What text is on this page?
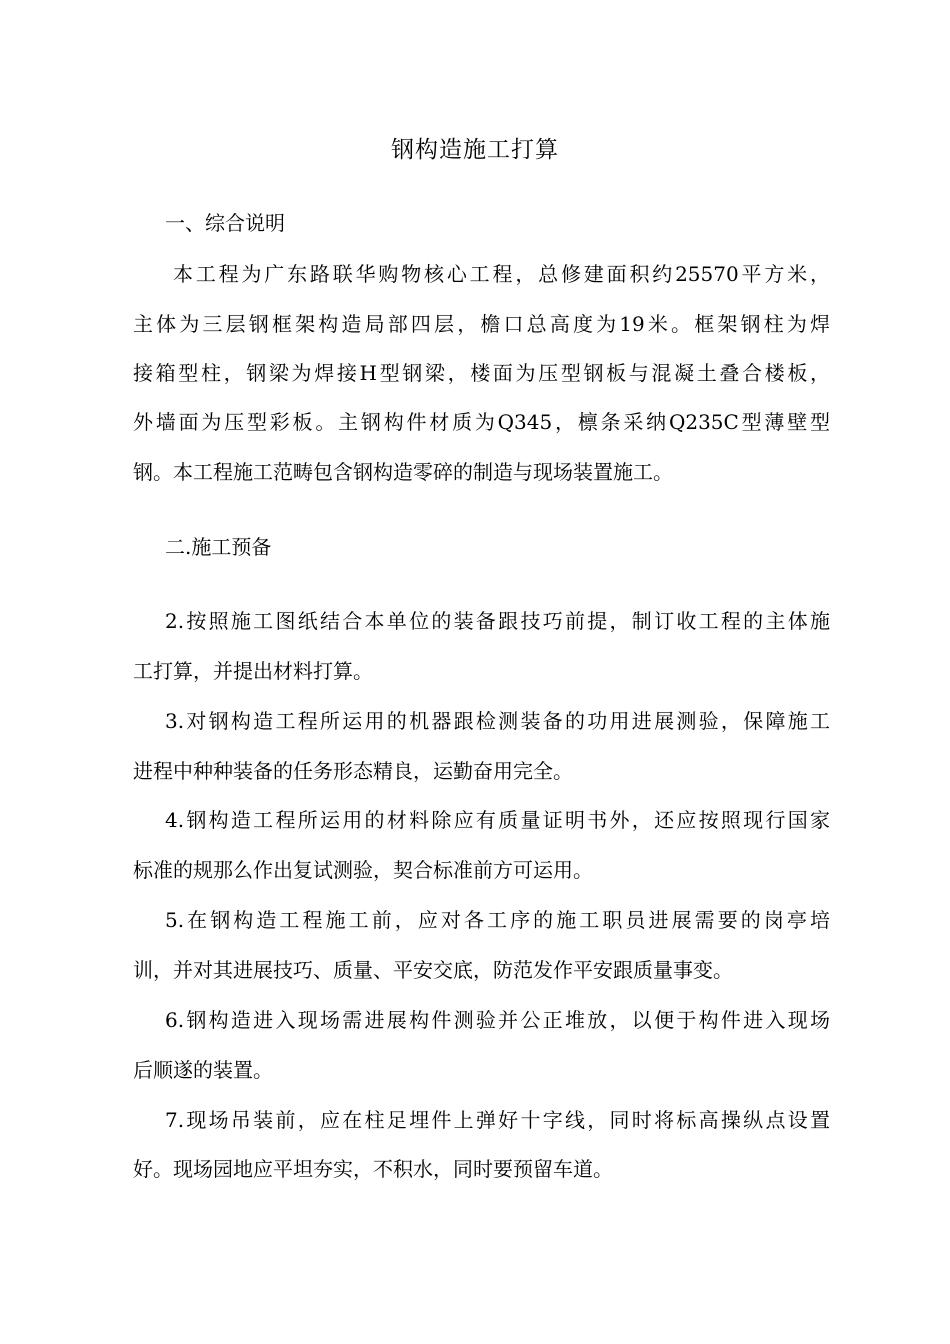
钢构造施工打算
一、综合说明
本工程为广东路联华购物核心工程，总修建面积约25570平方米，
主体为三层钢框架构造局部四层，檐口总高度为19米。框架钢柱为焊
接箱型柱，钢梁为焊接H型钢梁，楼面为压型钢板与混凝土叠合楼板，
外墙面为压型彩板。主钢构件材质为Q345，檩条采纳Q235C型薄壁型
钢。本工程施工范畴包含钢构造零碎的制造与现场装置施工。
二.施工预备
2.按照施工图纸结合本单位的装备跟技巧前提，制订收工程的主体施
工打算，并提出材料打算。
3.对钢构造工程所运用的机器跟检测装备的功用进展测验，保障施工
进程中种种装备的任务形态精良，运勤奋用完全。
4.钢构造工程所运用的材料除应有质量证明书外，还应按照现行国家
标准的规那么作出复试测验，契合标准前方可运用。
5.在钢构造工程施工前，应对各工序的施工职员进展需要的岗亭培
训，并对其进展技巧、质量、平安交底，防范发作平安跟质量事变。
6.钢构造进入现场需进展构件测验并公正堆放，以便于构件进入现场
后顺遂的装置。
7.现场吊装前，应在柱足埋件上弹好十字线，同时将标高操纵点设置
好。现场园地应平坦夯实，不积水，同时要预留车道。
